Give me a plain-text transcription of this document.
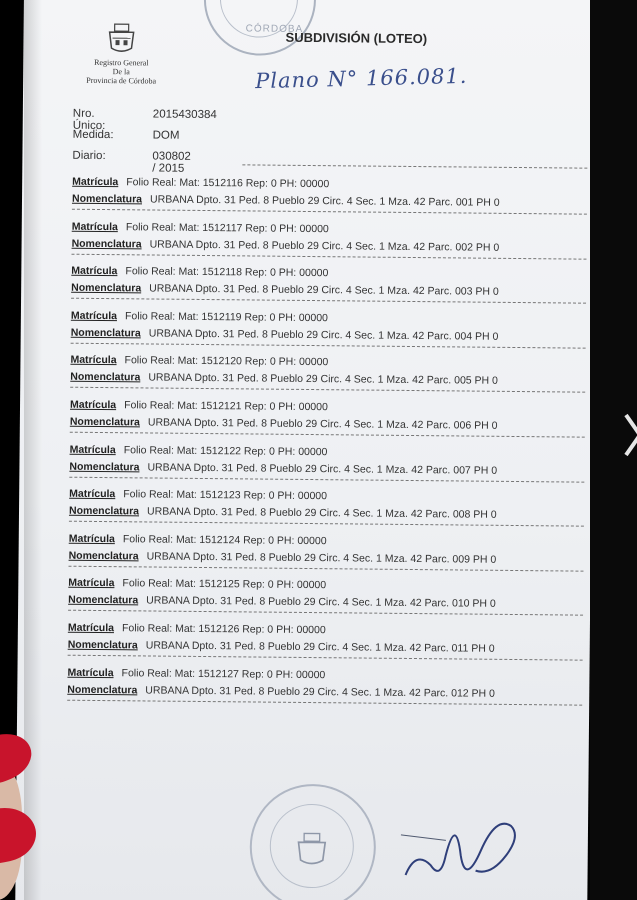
CÓRDOBA
Registro General
De la
Provincia de Córdoba
SUBDIVISIÓN (LOTEO)
Plano N° 166.081.
Nro. Único:
2015430384
Medida:	DOM
Diario:	030802 / 2015
Matrícula Folio Real: Mat: 1512116 Rep: 0 PH: 00000
Nomenclatura URBANA Dpto. 31 Ped. 8 Pueblo 29 Circ. 4 Sec. 1 Mza. 42 Parc. 001 PH 0
Matrícula Folio Real: Mat: 1512117 Rep: 0 PH: 00000
Nomenclatura URBANA Dpto. 31 Ped. 8 Pueblo 29 Circ. 4 Sec. 1 Mza. 42 Parc. 002 PH 0
Matrícula Folio Real: Mat: 1512118 Rep: 0 PH: 00000
Nomenclatura URBANA Dpto. 31 Ped. 8 Pueblo 29 Circ. 4 Sec. 1 Mza. 42 Parc. 003 PH 0
Matrícula Folio Real: Mat: 1512119 Rep: 0 PH: 00000
Nomenclatura URBANA Dpto. 31 Ped. 8 Pueblo 29 Circ. 4 Sec. 1 Mza. 42 Parc. 004 PH 0
Matrícula Folio Real: Mat: 1512120 Rep: 0 PH: 00000
Nomenclatura URBANA Dpto. 31 Ped. 8 Pueblo 29 Circ. 4 Sec. 1 Mza. 42 Parc. 005 PH 0
Matrícula Folio Real: Mat: 1512121 Rep: 0 PH: 00000
Nomenclatura URBANA Dpto. 31 Ped. 8 Pueblo 29 Circ. 4 Sec. 1 Mza. 42 Parc. 006 PH 0
Matrícula Folio Real: Mat: 1512122 Rep: 0 PH: 00000
Nomenclatura URBANA Dpto. 31 Ped. 8 Pueblo 29 Circ. 4 Sec. 1 Mza. 42 Parc. 007 PH 0
Matrícula Folio Real: Mat: 1512123 Rep: 0 PH: 00000
Nomenclatura URBANA Dpto. 31 Ped. 8 Pueblo 29 Circ. 4 Sec. 1 Mza. 42 Parc. 008 PH 0
Matrícula Folio Real: Mat: 1512124 Rep: 0 PH: 00000
Nomenclatura URBANA Dpto. 31 Ped. 8 Pueblo 29 Circ. 4 Sec. 1 Mza. 42 Parc. 009 PH 0
Matrícula Folio Real: Mat: 1512125 Rep: 0 PH: 00000
Nomenclatura URBANA Dpto. 31 Ped. 8 Pueblo 29 Circ. 4 Sec. 1 Mza. 42 Parc. 010 PH 0
Matrícula Folio Real: Mat: 1512126 Rep: 0 PH: 00000
Nomenclatura URBANA Dpto. 31 Ped. 8 Pueblo 29 Circ. 4 Sec. 1 Mza. 42 Parc. 011 PH 0
Matrícula Folio Real: Mat: 1512127 Rep: 0 PH: 00000
Nomenclatura URBANA Dpto. 31 Ped. 8 Pueblo 29 Circ. 4 Sec. 1 Mza. 42 Parc. 012 PH 0
